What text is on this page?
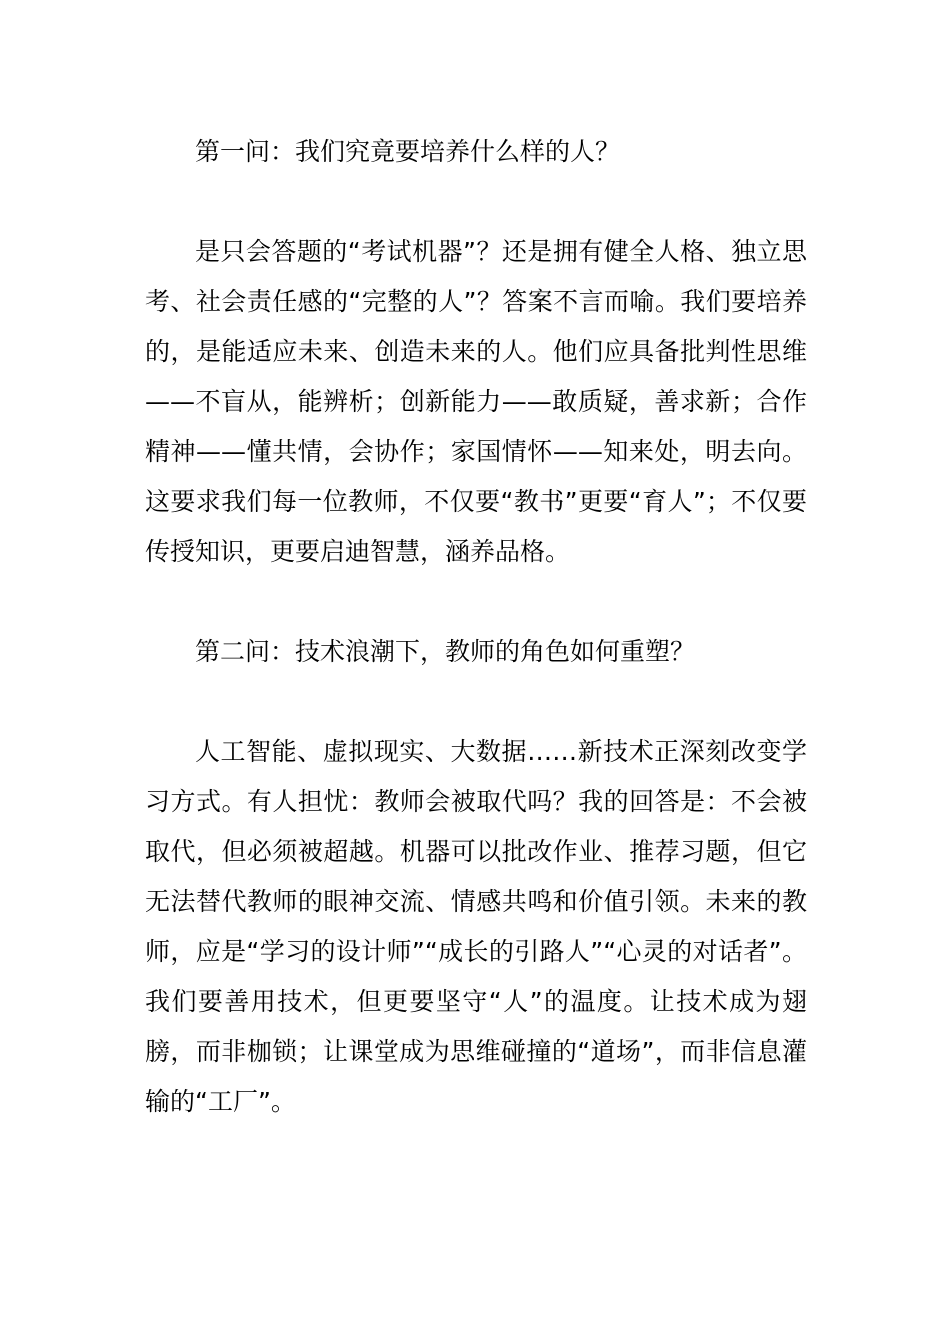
第一问：我们究竟要培养什么样的人？

是只会答题的“考试机器”？还是拥有健全人格、独立思考、社会责任感的“完整的人”？答案不言而喻。我们要培养的，是能适应未来、创造未来的人。他们应具备批判性思维——不盲从，能辨析；创新能力——敢质疑，善求新；合作精神——懂共情，会协作；家国情怀——知来处，明去向。这要求我们每一位教师，不仅要“教书”更要“育人”；不仅要传授知识，更要启迪智慧，涵养品格。

第二问：技术浪潮下，教师的角色如何重塑？

人工智能、虚拟现实、大数据……新技术正深刻改变学习方式。有人担忧：教师会被取代吗？我的回答是：不会被取代，但必须被超越。机器可以批改作业、推荐习题，但它无法替代教师的眼神交流、情感共鸣和价值引领。未来的教师，应是“学习的设计师”“成长的引路人”“心灵的对话者”。我们要善用技术，但更要坚守“人”的温度。让技术成为翅膀，而非枷锁；让课堂成为思维碰撞的“道场”，而非信息灌输的“工厂”。
